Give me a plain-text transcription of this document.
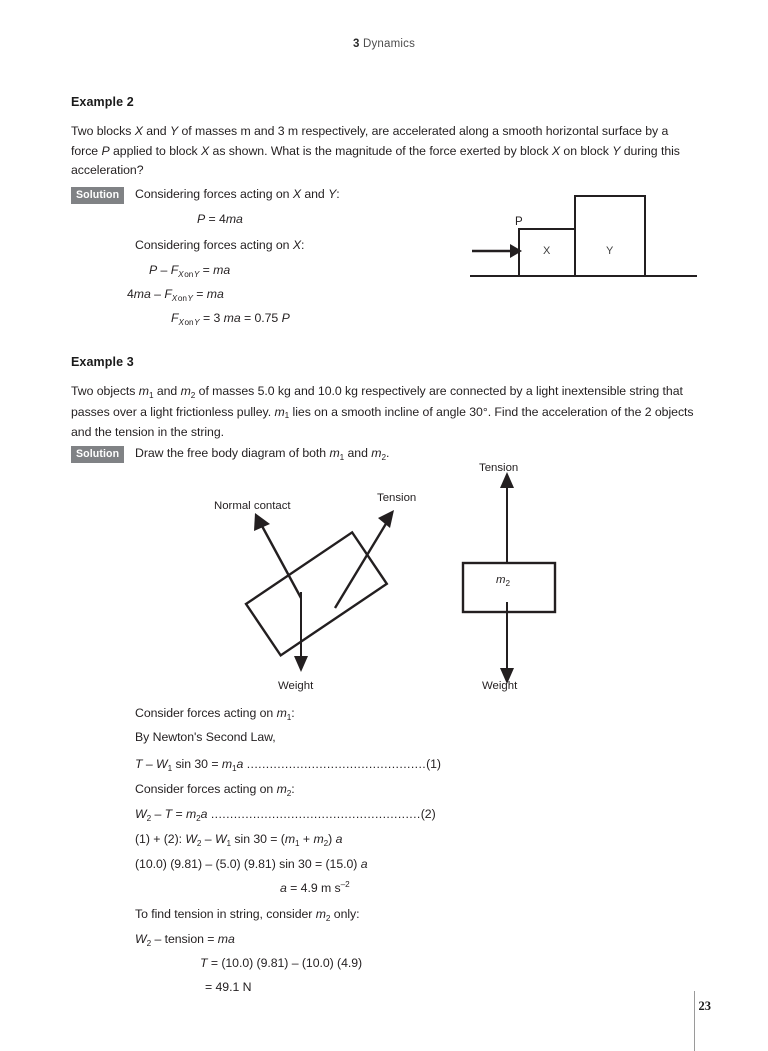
3 Dynamics
Example 2
Two blocks X and Y of masses m and 3 m respectively, are accelerated along a smooth horizontal surface by a force P applied to block X as shown. What is the magnitude of the force exerted by block X on block Y during this acceleration?
Solution	Considering forces acting on X and Y:
P = 4ma
Considering forces acting on X:
P – $F_{X on Y}$ = ma
$4ma - F_{X on Y}$ = ma
$F_{X on Y} = 3$ ma = 0.75 P
P
X	Y
Example 3
Two objects $m_1$ and $m_2$ of masses 5.0 kg and 10.0 kg respectively are connected by a light inextensible string that passes over a light frictionless pulley. $m_1$ lies on a smooth incline of angle 30°. Find the acceleration of the 2 objects and the tension in the string.
Solution	Draw the free body diagram of both $m_1$ and $m_2$.
Normal contact
Tension
Weight
Tension
Weight
$m_2$
Consider forces acting on $m_1$:
By Newton's Second Law,
T – $W_1$ $\sin 30 = m_1a$ ...............................................(1)
Consider forces acting on $m_2$:
$W_2 - T = m_2a$ .......................................................(2)
(1) + (2): $W_2 - W_1$ $\sin 30 = (m_1 + m_2)$ a
(10.0) (9.81) – (5.0) (9.81) sin 30 = (15.0) a
a = 4.9 m $s^{-2}$
To find tension in string, consider $m_2$ only:
$W_2$ – tension = ma
T = (10.0) (9.81) – (10.0) (4.9)
= 49.1 N
23
